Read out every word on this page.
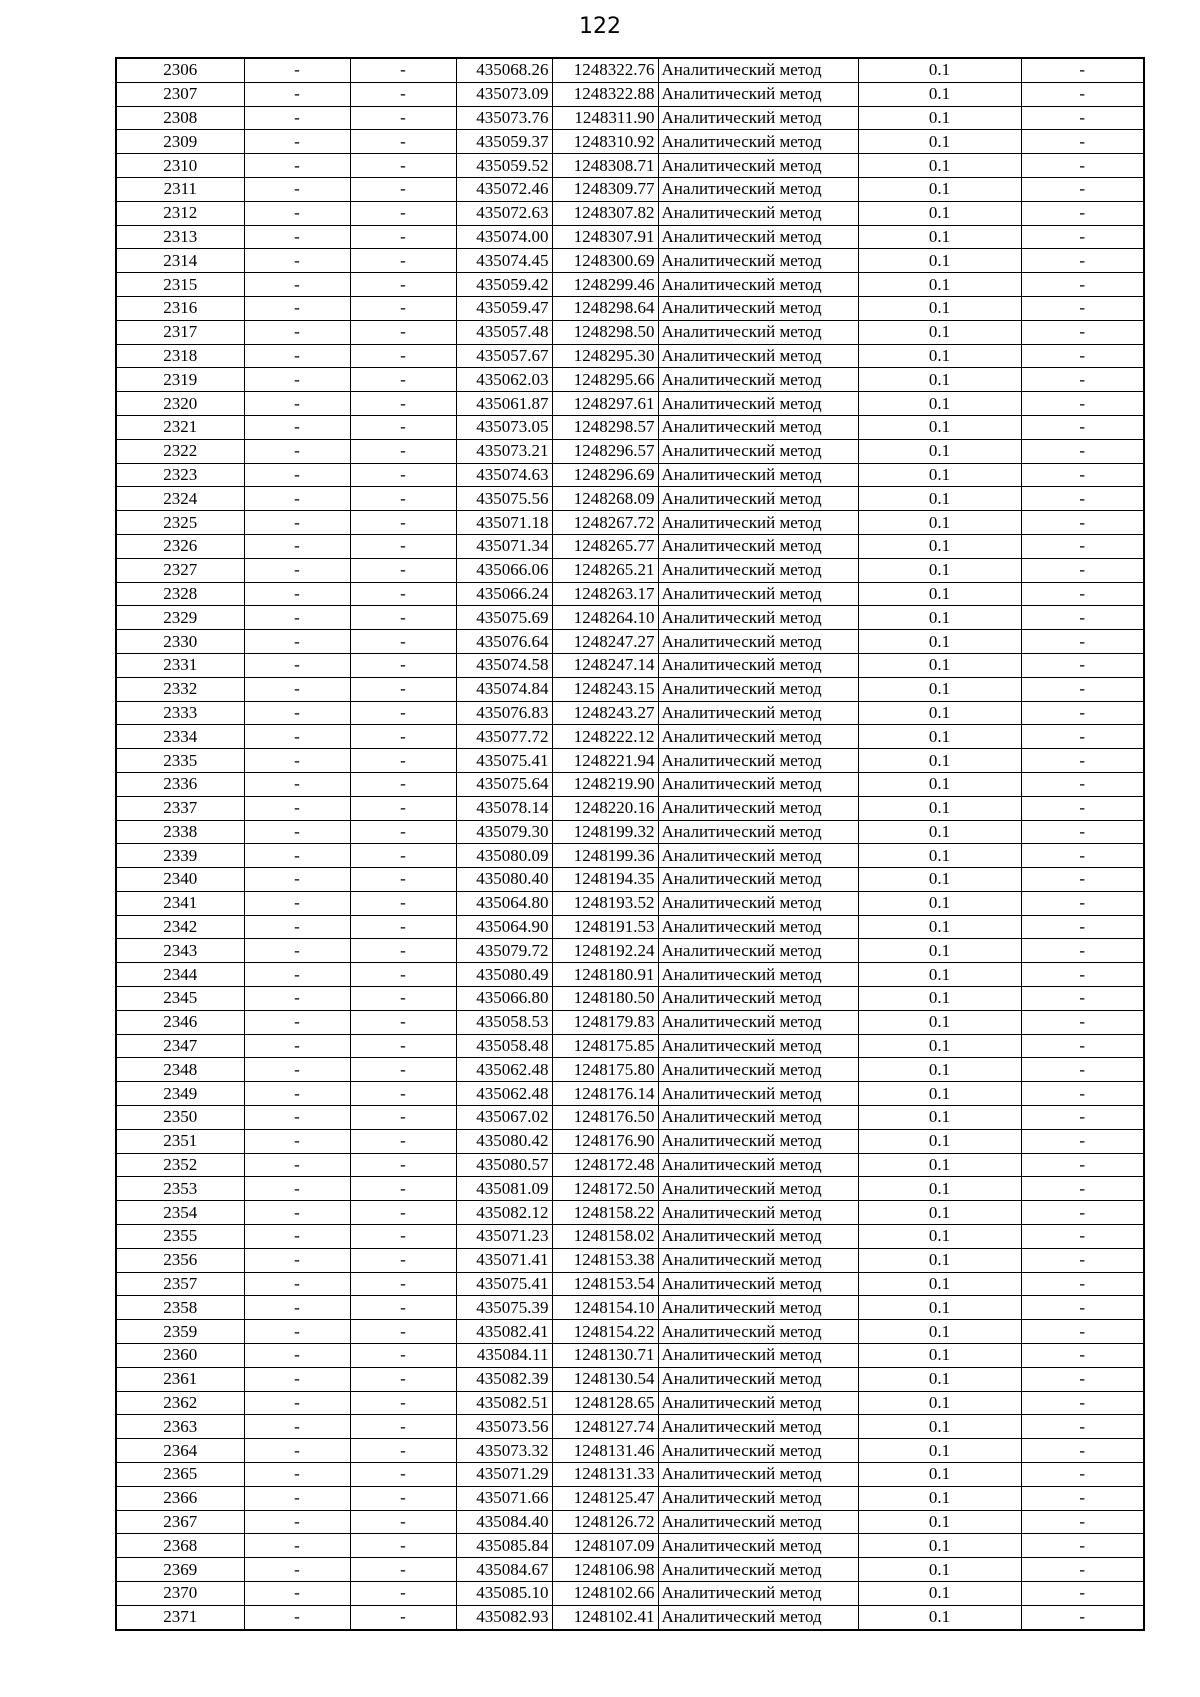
122
2306	-	-	435068.26	1248322.76	Аналитический метод	0.1	-
2307	-	-	435073.09	1248322.88	Аналитический метод	0.1	-
2308	-	-	435073.76	1248311.90	Аналитический метод	0.1	-
2309	-	-	435059.37	1248310.92	Аналитический метод	0.1	-
2310	-	-	435059.52	1248308.71	Аналитический метод	0.1	-
2311	-	-	435072.46	1248309.77	Аналитический метод	0.1	-
2312	-	-	435072.63	1248307.82	Аналитический метод	0.1	-
2313	-	-	435074.00	1248307.91	Аналитический метод	0.1	-
2314	-	-	435074.45	1248300.69	Аналитический метод	0.1	-
2315	-	-	435059.42	1248299.46	Аналитический метод	0.1	-
2316	-	-	435059.47	1248298.64	Аналитический метод	0.1	-
2317	-	-	435057.48	1248298.50	Аналитический метод	0.1	-
2318	-	-	435057.67	1248295.30	Аналитический метод	0.1	-
2319	-	-	435062.03	1248295.66	Аналитический метод	0.1	-
2320	-	-	435061.87	1248297.61	Аналитический метод	0.1	-
2321	-	-	435073.05	1248298.57	Аналитический метод	0.1	-
2322	-	-	435073.21	1248296.57	Аналитический метод	0.1	-
2323	-	-	435074.63	1248296.69	Аналитический метод	0.1	-
2324	-	-	435075.56	1248268.09	Аналитический метод	0.1	-
2325	-	-	435071.18	1248267.72	Аналитический метод	0.1	-
2326	-	-	435071.34	1248265.77	Аналитический метод	0.1	-
2327	-	-	435066.06	1248265.21	Аналитический метод	0.1	-
2328	-	-	435066.24	1248263.17	Аналитический метод	0.1	-
2329	-	-	435075.69	1248264.10	Аналитический метод	0.1	-
2330	-	-	435076.64	1248247.27	Аналитический метод	0.1	-
2331	-	-	435074.58	1248247.14	Аналитический метод	0.1	-
2332	-	-	435074.84	1248243.15	Аналитический метод	0.1	-
2333	-	-	435076.83	1248243.27	Аналитический метод	0.1	-
2334	-	-	435077.72	1248222.12	Аналитический метод	0.1	-
2335	-	-	435075.41	1248221.94	Аналитический метод	0.1	-
2336	-	-	435075.64	1248219.90	Аналитический метод	0.1	-
2337	-	-	435078.14	1248220.16	Аналитический метод	0.1	-
2338	-	-	435079.30	1248199.32	Аналитический метод	0.1	-
2339	-	-	435080.09	1248199.36	Аналитический метод	0.1	-
2340	-	-	435080.40	1248194.35	Аналитический метод	0.1	-
2341	-	-	435064.80	1248193.52	Аналитический метод	0.1	-
2342	-	-	435064.90	1248191.53	Аналитический метод	0.1	-
2343	-	-	435079.72	1248192.24	Аналитический метод	0.1	-
2344	-	-	435080.49	1248180.91	Аналитический метод	0.1	-
2345	-	-	435066.80	1248180.50	Аналитический метод	0.1	-
2346	-	-	435058.53	1248179.83	Аналитический метод	0.1	-
2347	-	-	435058.48	1248175.85	Аналитический метод	0.1	-
2348	-	-	435062.48	1248175.80	Аналитический метод	0.1	-
2349	-	-	435062.48	1248176.14	Аналитический метод	0.1	-
2350	-	-	435067.02	1248176.50	Аналитический метод	0.1	-
2351	-	-	435080.42	1248176.90	Аналитический метод	0.1	-
2352	-	-	435080.57	1248172.48	Аналитический метод	0.1	-
2353	-	-	435081.09	1248172.50	Аналитический метод	0.1	-
2354	-	-	435082.12	1248158.22	Аналитический метод	0.1	-
2355	-	-	435071.23	1248158.02	Аналитический метод	0.1	-
2356	-	-	435071.41	1248153.38	Аналитический метод	0.1	-
2357	-	-	435075.41	1248153.54	Аналитический метод	0.1	-
2358	-	-	435075.39	1248154.10	Аналитический метод	0.1	-
2359	-	-	435082.41	1248154.22	Аналитический метод	0.1	-
2360	-	-	435084.11	1248130.71	Аналитический метод	0.1	-
2361	-	-	435082.39	1248130.54	Аналитический метод	0.1	-
2362	-	-	435082.51	1248128.65	Аналитический метод	0.1	-
2363	-	-	435073.56	1248127.74	Аналитический метод	0.1	-
2364	-	-	435073.32	1248131.46	Аналитический метод	0.1	-
2365	-	-	435071.29	1248131.33	Аналитический метод	0.1	-
2366	-	-	435071.66	1248125.47	Аналитический метод	0.1	-
2367	-	-	435084.40	1248126.72	Аналитический метод	0.1	-
2368	-	-	435085.84	1248107.09	Аналитический метод	0.1	-
2369	-	-	435084.67	1248106.98	Аналитический метод	0.1	-
2370	-	-	435085.10	1248102.66	Аналитический метод	0.1	-
2371	-	-	435082.93	1248102.41	Аналитический метод	0.1	-
